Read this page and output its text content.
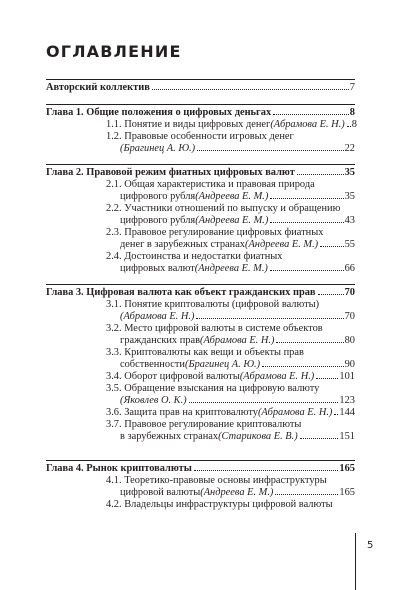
ОГЛАВЛЕНИЕ
Авторский коллектив	7
Глава 1. Общие положения о цифровых деньгах	8
1.1.
Понятие и виды цифровых денег (Абрамова Е. Н.) 8
1.2.
Правовые особенности игровых денег
(Брагинец А. Ю.)	22
Глава 2. Правовой режим фиатных цифровых валют	35
2.1.
Общая характеристика и правовая природа
цифрового рубля (Андреева Е. М.)	35
2.2.
Участники отношений по выпуску и обращению
цифрового рубля (Андреева Е. М.)	43
2.3.
Правовое регулирование цифровых фиатных
денег в зарубежных странах (Андреева Е. М.)	55
2.4.
Достоинства и недостатки фиатных
цифровых валют (Андреева Е. М.)	66
Глава 3. Цифровая валюта как объект гражданских прав	70
3.1.
Понятие криптовалюты (цифровой валюты)
(Абрамова Е. Н.)	70
3.2.
Место цифровой валюты в системе объектов
гражданских прав (Абрамова Е. Н.)	80
3.3.
Криптовалюты как вещи и объекты прав
собственности (Брагинец А. Ю.)	90
3.4.
Оборот цифровой валюты (Абрамова Е. Н.) 101
3.5.
Обращение взыскания на цифровую валюту
(Яковлев О. К.)	123
3.6.
Защита прав на криптовалюту (Абрамова Е. Н.) 144
3.7.
Правовое регулирование криптовалюты
в зарубежных странах (Старикова Е. В.)	151
Глава 4. Рынок криптовалюты	165
4.1.
Теоретико-правовые основы инфраструктуры
цифровой валюты (Андреева Е. М.)	165
4.2.
Владельцы инфраструктуры цифровой валюты
5
